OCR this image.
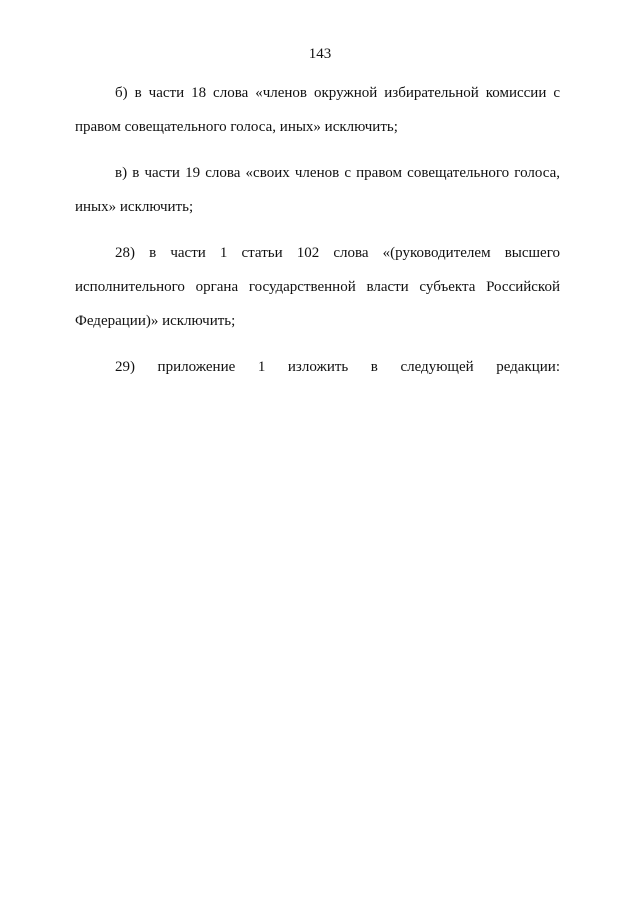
143

б) в части 18 слова «членов окружной избирательной комиссии с правом совещательного голоса, иных» исключить;

в) в части 19 слова «своих членов с правом совещательного голоса, иных» исключить;

28) в части 1 статьи 102 слова «(руководителем высшего исполнительного органа государственной власти субъекта Российской Федерации)» исключить;

29) приложение 1 изложить в следующей редакции:
